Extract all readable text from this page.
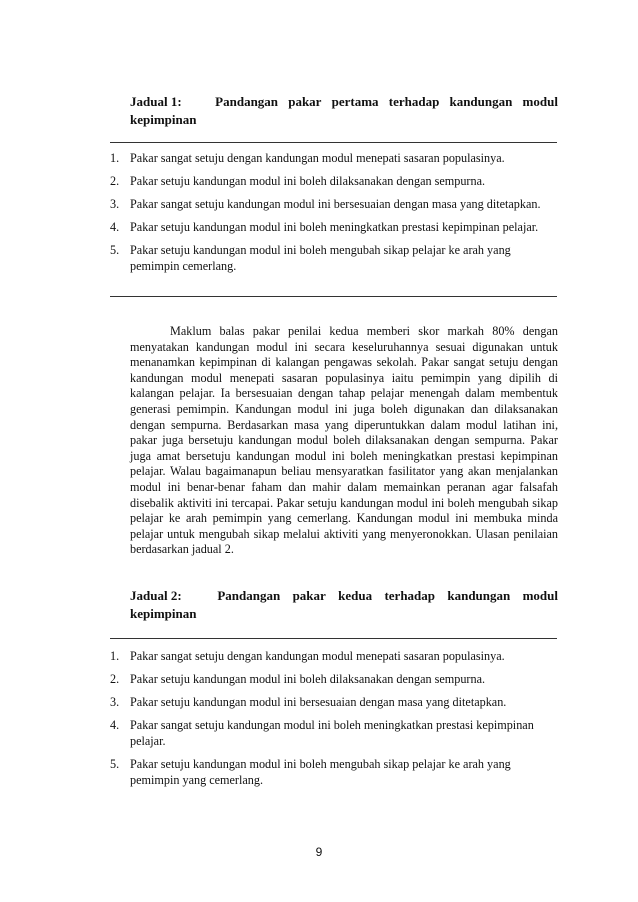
Jadual 1:	Pandangan pakar pertama terhadap kandungan modul
kepimpinan
1. Pakar sangat setuju dengan kandungan modul menepati sasaran populasinya.
2. Pakar setuju kandungan modul ini boleh dilaksanakan dengan sempurna.
3. Pakar sangat setuju kandungan modul ini bersesuaian dengan masa yang ditetapkan.
4. Pakar setuju kandungan modul ini boleh meningkatkan prestasi kepimpinan pelajar.
5. Pakar setuju kandungan modul ini boleh mengubah sikap pelajar ke arah yang pemimpin cemerlang.

Maklum balas pakar penilai kedua memberi skor markah 80% dengan menyatakan kandungan modul ini secara keseluruhannya sesuai digunakan untuk menanamkan kepimpinan di kalangan pengawas sekolah. Pakar sangat setuju dengan kandungan modul menepati sasaran populasinya iaitu pemimpin yang dipilih di kalangan pelajar. Ia bersesuaian dengan tahap pelajar menengah dalam membentuk generasi pemimpin. Kandungan modul ini juga boleh digunakan dan dilaksanakan dengan sempurna. Berdasarkan masa yang diperuntukkan dalam modul latihan ini, pakar juga bersetuju kandungan modul boleh dilaksanakan dengan sempurna. Pakar juga amat bersetuju kandungan modul ini boleh meningkatkan prestasi kepimpinan pelajar. Walau bagaimanapun beliau mensyaratkan fasilitator yang akan menjalankan modul ini benar-benar faham dan mahir dalam memainkan peranan agar falsafah disebalik aktiviti ini tercapai. Pakar setuju kandungan modul ini boleh mengubah sikap pelajar ke arah pemimpin yang cemerlang. Kandungan modul ini membuka minda pelajar untuk mengubah sikap melalui aktiviti yang menyeronokkan. Ulasan penilaian berdasarkan jadual 2.

Jadual 2:	Pandangan pakar kedua terhadap kandungan modul
kepimpinan
1. Pakar sangat setuju dengan kandungan modul menepati sasaran populasinya.
2. Pakar setuju kandungan modul ini boleh dilaksanakan dengan sempurna.
3. Pakar setuju kandungan modul ini bersesuaian dengan masa yang ditetapkan.
4. Pakar sangat setuju kandungan modul ini boleh meningkatkan prestasi kepimpinan pelajar.
5. Pakar setuju kandungan modul ini boleh mengubah sikap pelajar ke arah yang pemimpin yang cemerlang.
9
